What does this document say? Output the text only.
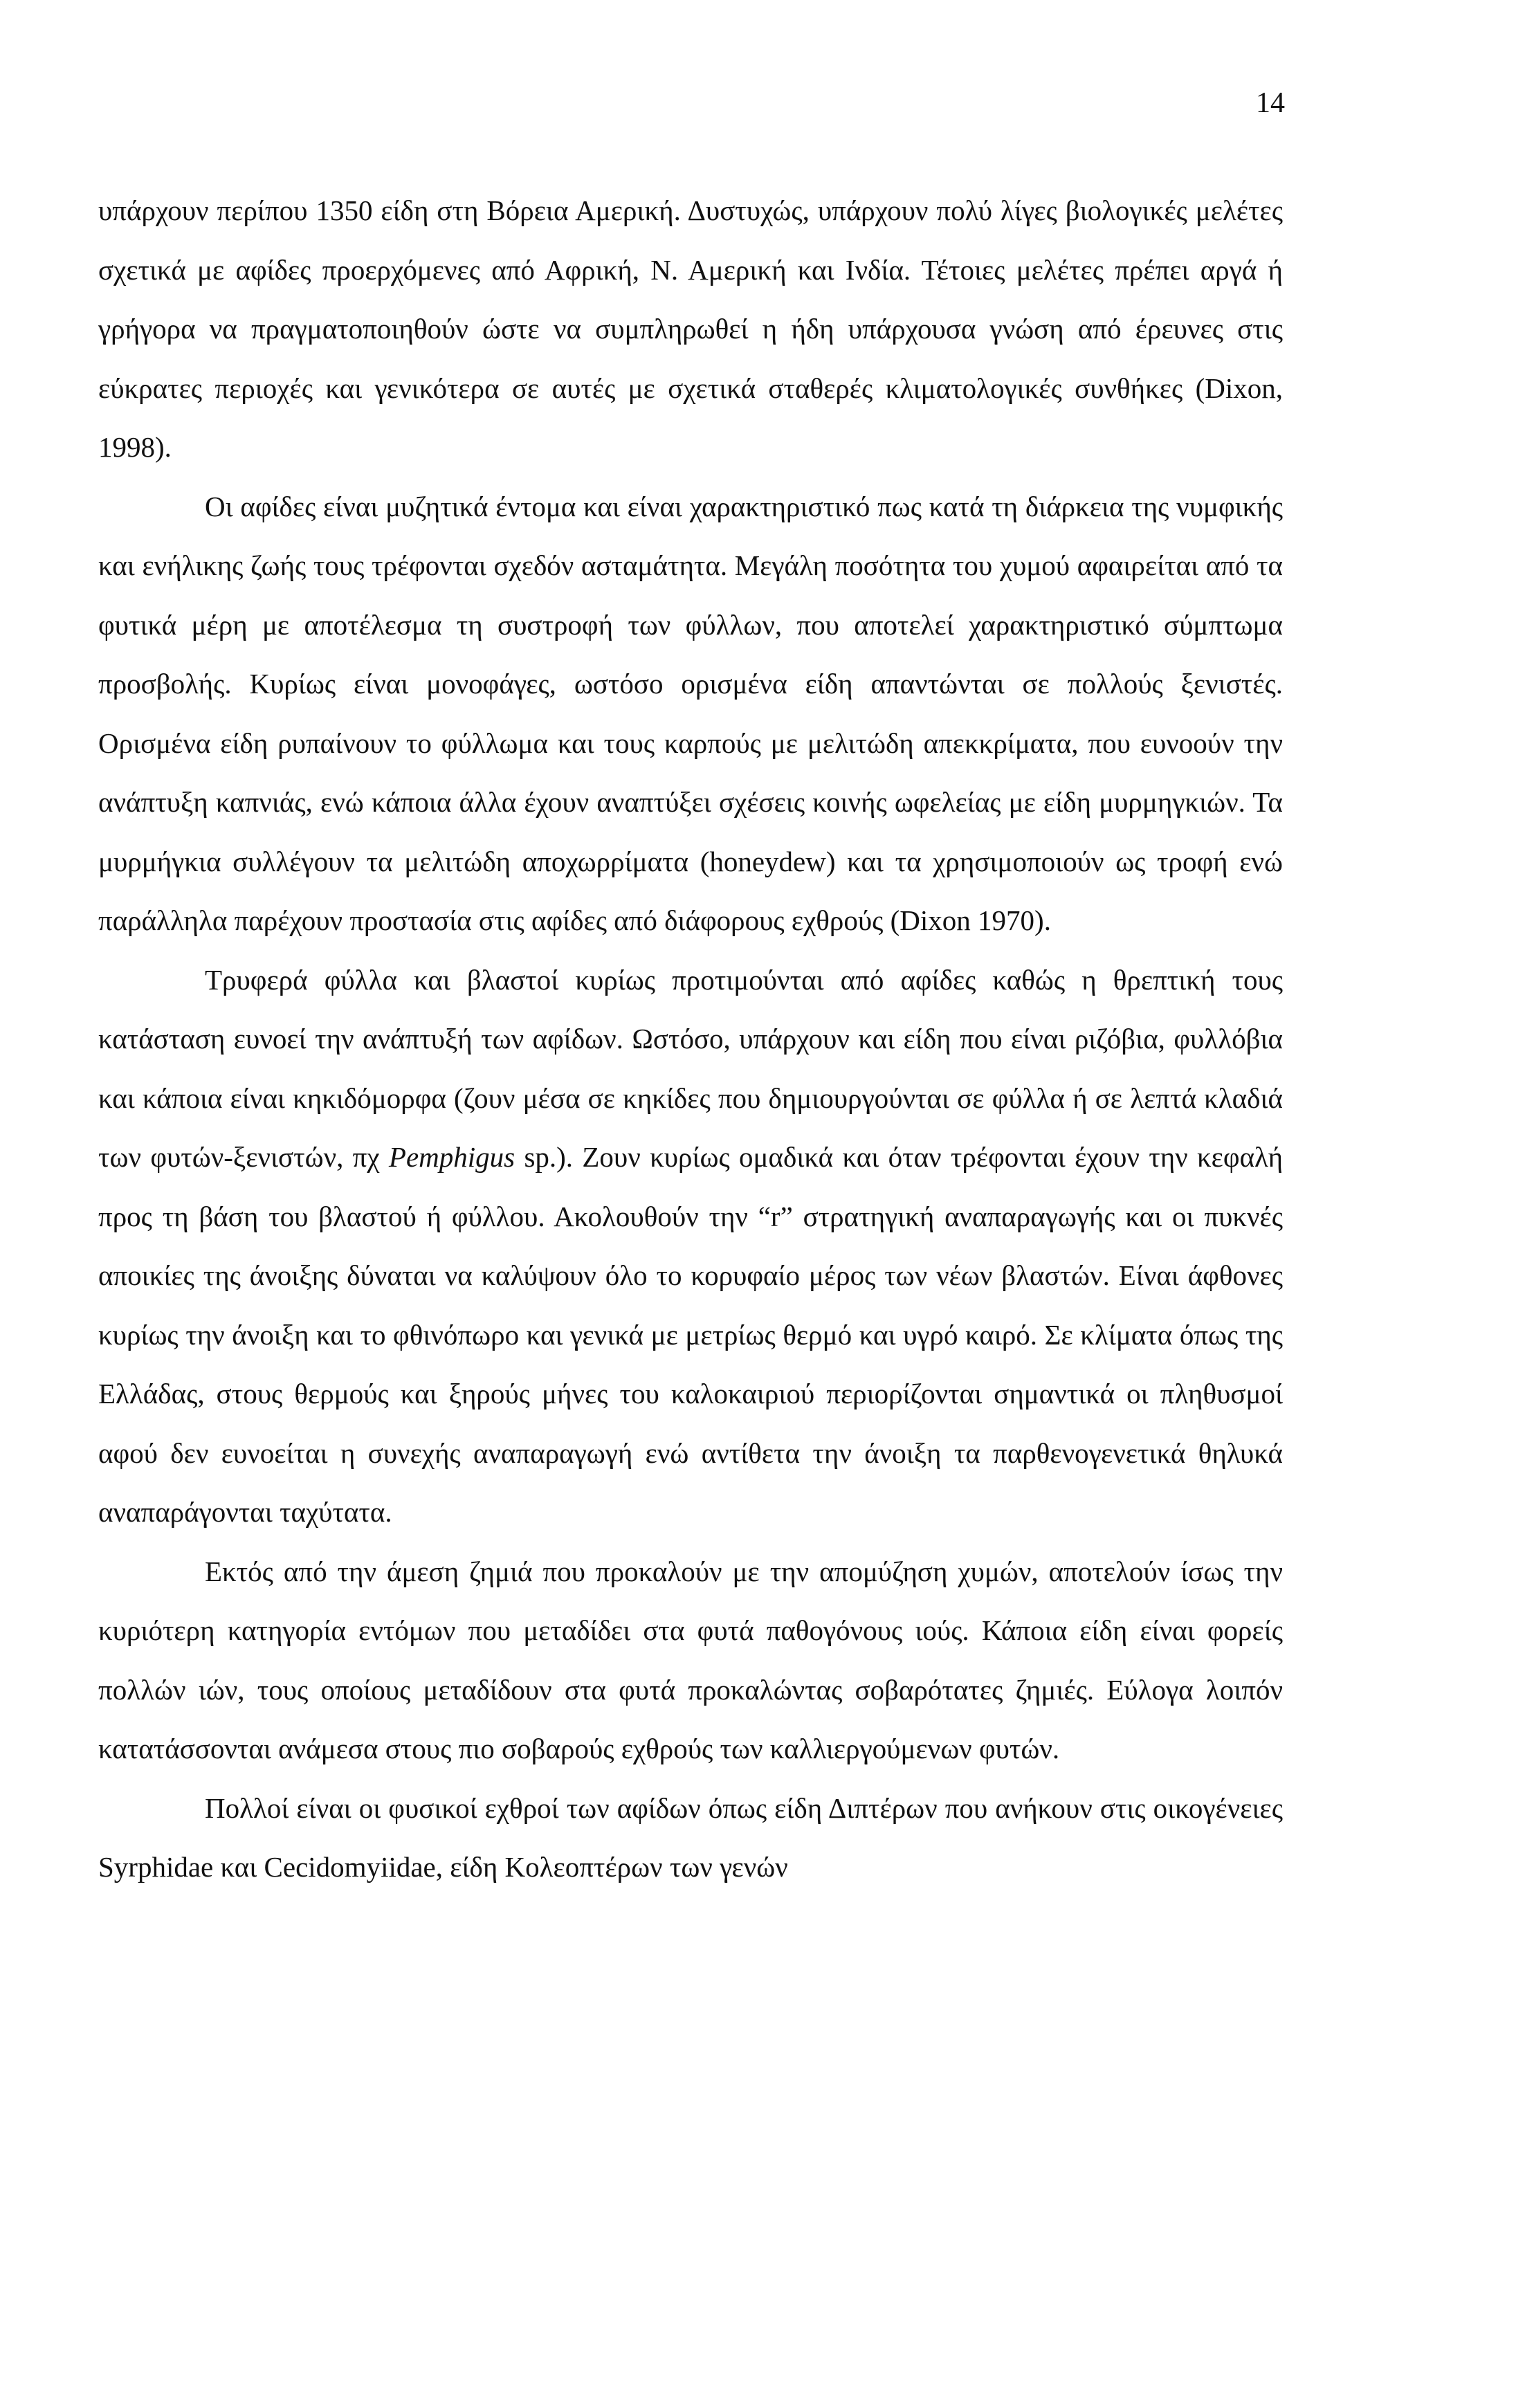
14

υπάρχουν περίπου 1350 είδη στη Βόρεια Αμερική. Δυστυχώς, υπάρχουν πολύ λίγες βιολογικές μελέτες σχετικά με αφίδες προερχόμενες από Αφρική, Ν. Αμερική και Ινδία. Τέτοιες μελέτες πρέπει αργά ή γρήγορα να πραγματοποιηθούν ώστε να συμπληρωθεί η ήδη υπάρχουσα γνώση από έρευνες στις εύκρατες περιοχές και γενικότερα σε αυτές με σχετικά σταθερές κλιματολογικές συνθήκες (Dixon, 1998).

Οι αφίδες είναι μυζητικά έντομα και είναι χαρακτηριστικό πως κατά τη διάρκεια της νυμφικής και ενήλικης ζωής τους τρέφονται σχεδόν ασταμάτητα. Μεγάλη ποσότητα του χυμού αφαιρείται από τα φυτικά μέρη με αποτέλεσμα τη συστροφή των φύλλων, που αποτελεί χαρακτηριστικό σύμπτωμα προσβολής. Κυρίως είναι μονοφάγες, ωστόσο ορισμένα είδη απαντώνται σε πολλούς ξενιστές. Ορισμένα είδη ρυπαίνουν το φύλλωμα και τους καρπούς με μελιτώδη απεκκρίματα, που ευνοούν την ανάπτυξη καπνιάς, ενώ κάποια άλλα έχουν αναπτύξει σχέσεις κοινής ωφελείας με είδη μυρμηγκιών. Τα μυρμήγκια συλλέγουν τα μελιτώδη αποχωρρίματα (honeydew) και τα χρησιμοποιούν ως τροφή ενώ παράλληλα παρέχουν προστασία στις αφίδες από διάφορους εχθρούς (Dixon 1970).

Τρυφερά φύλλα και βλαστοί κυρίως προτιμούνται από αφίδες καθώς η θρεπτική τους κατάσταση ευνοεί την ανάπτυξή των αφίδων. Ωστόσο, υπάρχουν και είδη που είναι ριζόβια, φυλλόβια και κάποια είναι κηκιδόμορφα (ζουν μέσα σε κηκίδες που δημιουργούνται σε φύλλα ή σε λεπτά κλαδιά των φυτών-ξενιστών, πχ Pemphigus sp.). Ζουν κυρίως ομαδικά και όταν τρέφονται έχουν την κεφαλή προς τη βάση του βλαστού ή φύλλου. Ακολουθούν την “r” στρατηγική αναπαραγωγής και οι πυκνές αποικίες της άνοιξης δύναται να καλύψουν όλο το κορυφαίο μέρος των νέων βλαστών. Είναι άφθονες κυρίως την άνοιξη και το φθινόπωρο και γενικά με μετρίως θερμό και υγρό καιρό. Σε κλίματα όπως της Ελλάδας, στους θερμούς και ξηρούς μήνες του καλοκαιριού περιορίζονται σημαντικά οι πληθυσμοί αφού δεν ευνοείται η συνεχής αναπαραγωγή ενώ αντίθετα την άνοιξη τα παρθενογενετικά θηλυκά αναπαράγονται ταχύτατα.

Εκτός από την άμεση ζημιά που προκαλούν με την απομύζηση χυμών, αποτελούν ίσως την κυριότερη κατηγορία εντόμων που μεταδίδει στα φυτά παθογόνους ιούς. Κάποια είδη είναι φορείς πολλών ιών, τους οποίους μεταδίδουν στα φυτά προκαλώντας σοβαρότατες ζημιές. Εύλογα λοιπόν κατατάσσονται ανάμεσα στους πιο σοβαρούς εχθρούς των καλλιεργούμενων φυτών.

Πολλοί είναι οι φυσικοί εχθροί των αφίδων όπως είδη Διπτέρων που ανήκουν στις οικογένειες Syrphidae και Cecidomyiidae, είδη Κολεοπτέρων των γενών
